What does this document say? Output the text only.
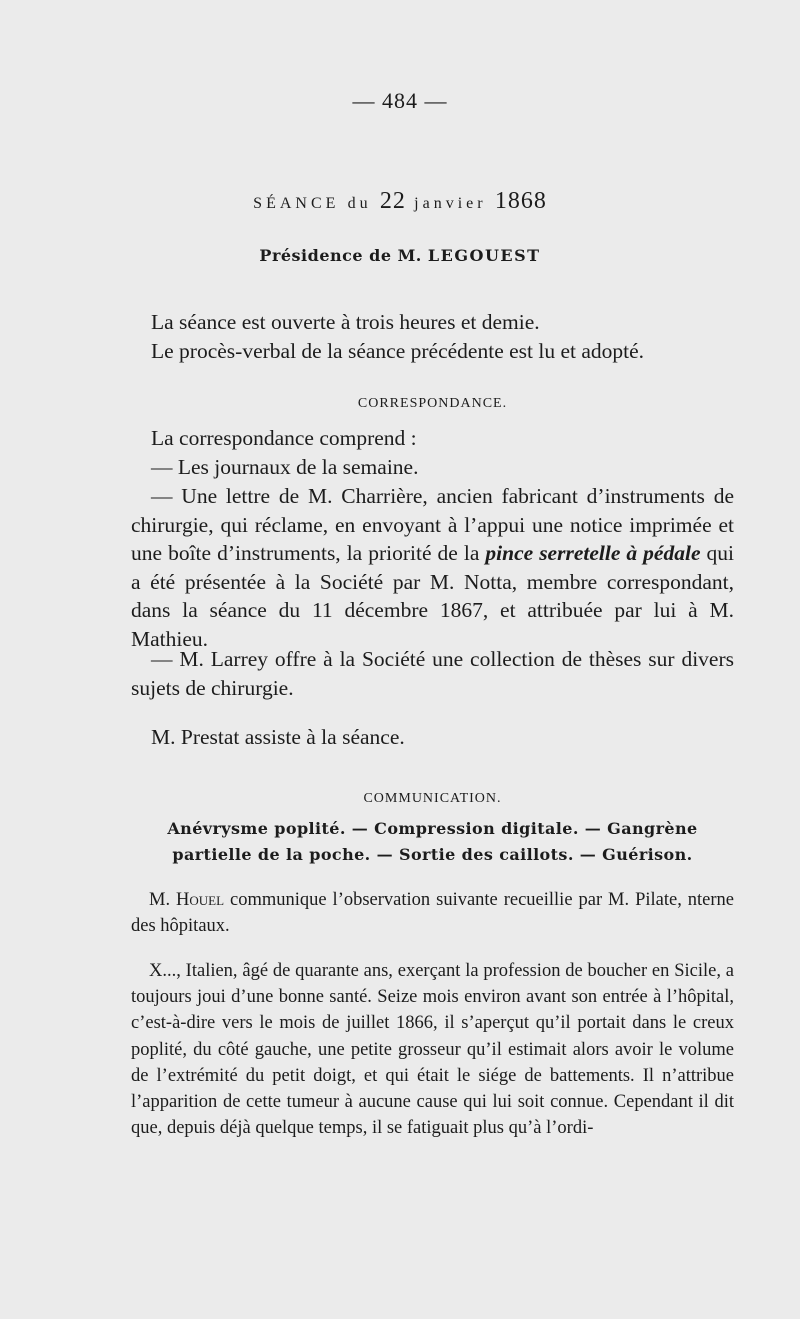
— 484 —
SÉANCE du 22 janvier 1868
Présidence de M. LEGOUEST

La séance est ouverte à trois heures et demie.

Le procès-verbal de la séance précédente est lu et adopté.

CORRESPONDANCE.

La correspondance comprend :

— Les journaux de la semaine.

— Une lettre de M. Charrière, ancien fabricant d’instruments de chirurgie, qui réclame, en envoyant à l’appui une notice imprimée et une boîte d’instruments, la priorité de la pince serretelle à pédale qui a été présentée à la Société par M. Notta, membre correspondant, dans la séance du 11 décembre 1867, et attribuée par lui à M. Mathieu.

— M. Larrey offre à la Société une collection de thèses sur divers sujets de chirurgie.

M. Prestat assiste à la séance.

COMMUNICATION.

Anévrysme poplité. — Compression digitale. — Gangrène
partielle de la poche. — Sortie des caillots. — Guérison.

M. Houel communique l’observation suivante recueillie par M. Pilate, nterne des hôpitaux.

X..., Italien, âgé de quarante ans, exerçant la profession de boucher en Sicile, a toujours joui d’une bonne santé. Seize mois environ avant son entrée à l’hôpital, c’est-à-dire vers le mois de juillet 1866, il s’aperçut qu’il portait dans le creux poplité, du côté gauche, une petite grosseur qu’il estimait alors avoir le volume de l’extrémité du petit doigt, et qui était le siége de battements. Il n’attribue l’apparition de cette tumeur à aucune cause qui lui soit connue. Cependant il dit que, depuis déjà quelque temps, il se fatiguait plus qu’à l’ordi-
